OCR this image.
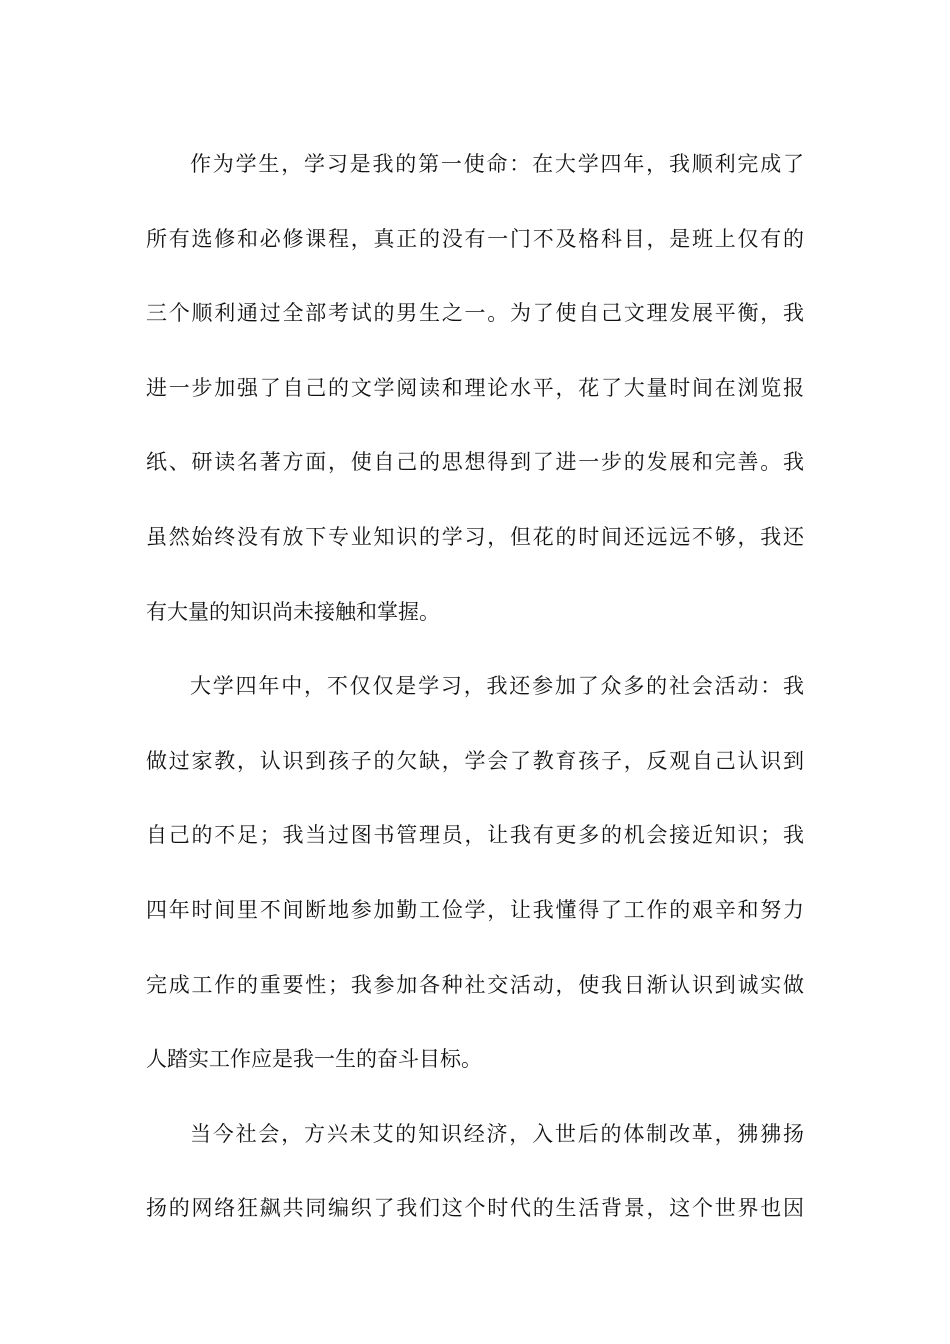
作为学生，学习是我的第一使命：在大学四年，我顺利完成了
所有选修和必修课程，真正的没有一门不及格科目，是班上仅有的
三个顺利通过全部考试的男生之一。为了使自己文理发展平衡，我
进一步加强了自己的文学阅读和理论水平，花了大量时间在浏览报
纸、研读名著方面，使自己的思想得到了进一步的发展和完善。我
虽然始终没有放下专业知识的学习，但花的时间还远远不够，我还
有大量的知识尚未接触和掌握。
大学四年中，不仅仅是学习，我还参加了众多的社会活动：我
做过家教，认识到孩子的欠缺，学会了教育孩子，反观自己认识到
自己的不足；我当过图书管理员，让我有更多的机会接近知识；我
四年时间里不间断地参加勤工俭学，让我懂得了工作的艰辛和努力
完成工作的重要性；我参加各种社交活动，使我日渐认识到诚实做
人踏实工作应是我一生的奋斗目标。
当今社会，方兴未艾的知识经济，入世后的体制改革，狒狒扬
扬的网络狂飙共同编织了我们这个时代的生活背景，这个世界也因
